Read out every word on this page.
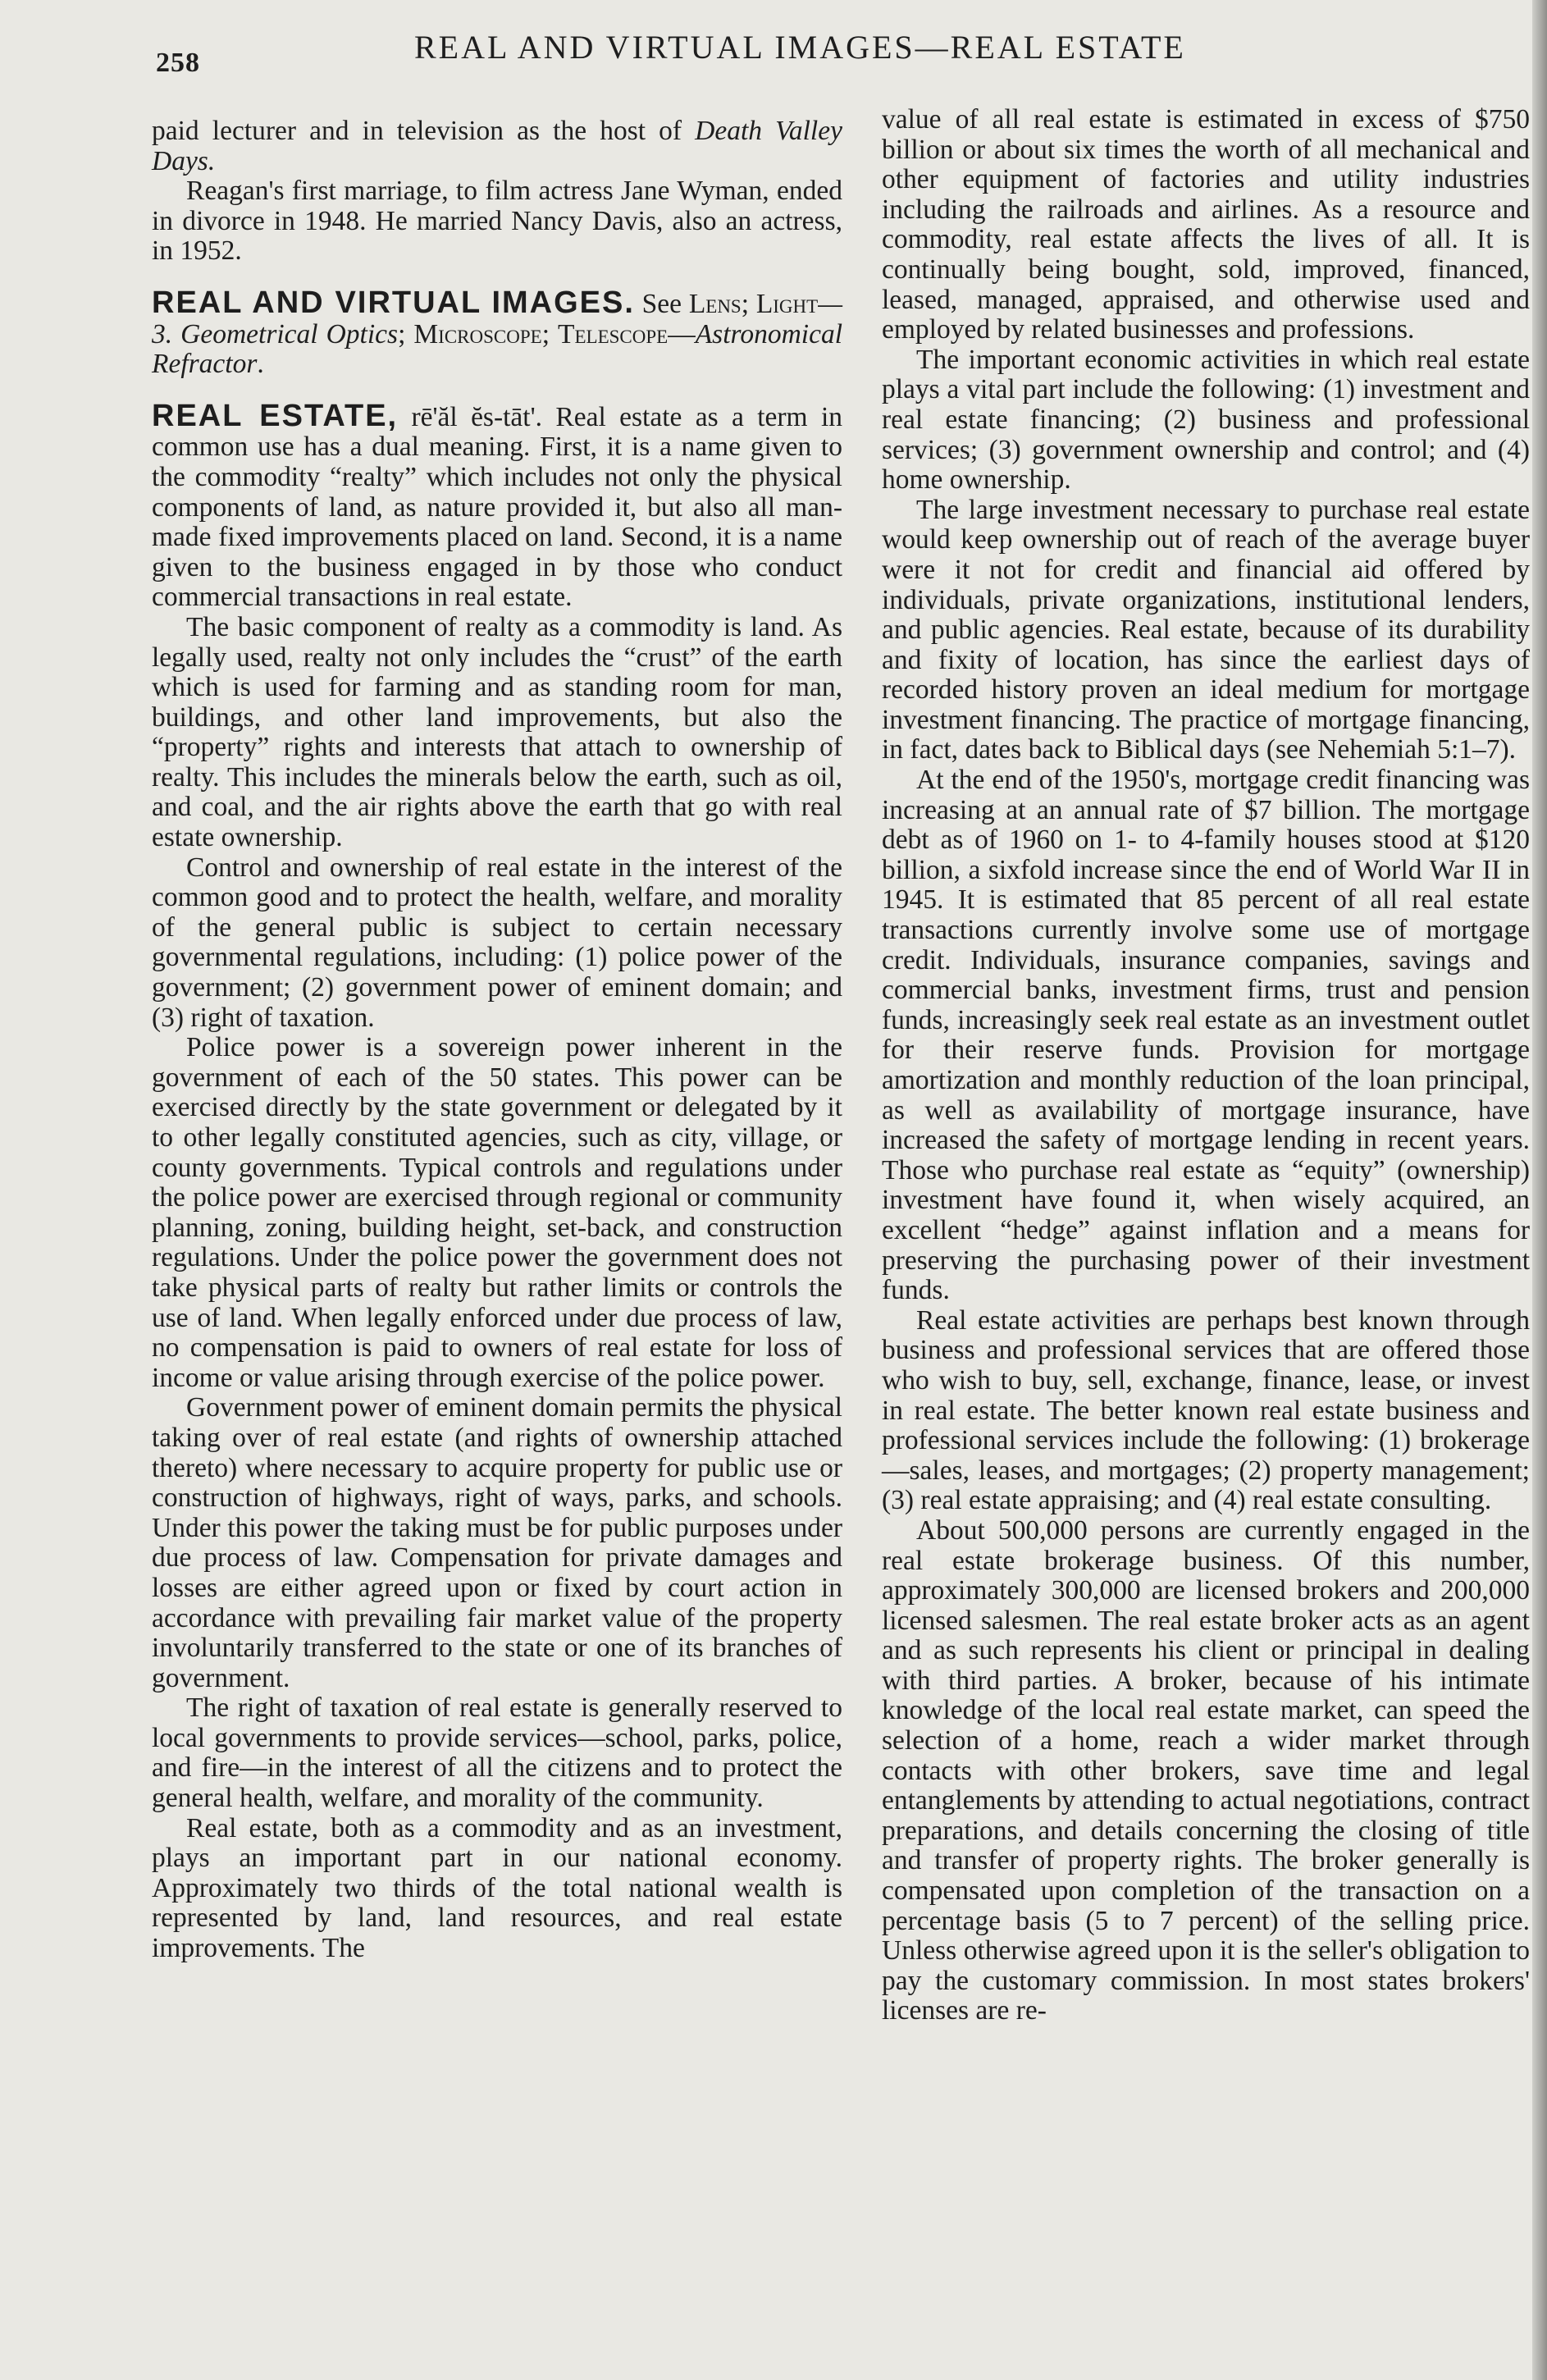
258	REAL AND VIRTUAL IMAGES—REAL ESTATE

paid lecturer and in television as the host of Death Valley Days.

Reagan's first marriage, to film actress Jane Wyman, ended in divorce in 1948. He married Nancy Davis, also an actress, in 1952.

REAL AND VIRTUAL IMAGES. See Lens; Light—3. Geometrical Optics; Microscope; Telescope—Astronomical Refractor.

REAL ESTATE, rē'ăl ĕs-tāt'. Real estate as a term in common use has a dual meaning. First, it is a name given to the commodity “realty” which includes not only the physical components of land, as nature provided it, but also all man-made fixed improvements placed on land. Second, it is a name given to the business engaged in by those who conduct commercial transactions in real estate.

The basic component of realty as a commodity is land. As legally used, realty not only includes the “crust” of the earth which is used for farming and as standing room for man, buildings, and other land improvements, but also the “property” rights and interests that attach to ownership of realty. This includes the minerals below the earth, such as oil, and coal, and the air rights above the earth that go with real estate ownership.

Control and ownership of real estate in the interest of the common good and to protect the health, welfare, and morality of the general public is subject to certain necessary governmental regulations, including: (1) police power of the government; (2) government power of eminent domain; and (3) right of taxation.

Police power is a sovereign power inherent in the government of each of the 50 states. This power can be exercised directly by the state government or delegated by it to other legally constituted agencies, such as city, village, or county governments. Typical controls and regulations under the police power are exercised through regional or community planning, zoning, building height, set-back, and construction regulations. Under the police power the government does not take physical parts of realty but rather limits or controls the use of land. When legally enforced under due process of law, no compensation is paid to owners of real estate for loss of income or value arising through exercise of the police power.

Government power of eminent domain permits the physical taking over of real estate (and rights of ownership attached thereto) where necessary to acquire property for public use or construction of highways, right of ways, parks, and schools. Under this power the taking must be for public purposes under due process of law. Compensation for private damages and losses are either agreed upon or fixed by court action in accordance with prevailing fair market value of the property involuntarily transferred to the state or one of its branches of government.

The right of taxation of real estate is generally reserved to local governments to provide services—school, parks, police, and fire—in the interest of all the citizens and to protect the general health, welfare, and morality of the community.

Real estate, both as a commodity and as an investment, plays an important part in our national economy. Approximately two thirds of the total national wealth is represented by land, land resources, and real estate improvements. The

value of all real estate is estimated in excess of $750 billion or about six times the worth of all mechanical and other equipment of factories and utility industries including the railroads and airlines. As a resource and commodity, real estate affects the lives of all. It is continually being bought, sold, improved, financed, leased, managed, appraised, and otherwise used and employed by related businesses and professions.

The important economic activities in which real estate plays a vital part include the following: (1) investment and real estate financing; (2) business and professional services; (3) government ownership and control; and (4) home ownership.

The large investment necessary to purchase real estate would keep ownership out of reach of the average buyer were it not for credit and financial aid offered by individuals, private organizations, institutional lenders, and public agencies. Real estate, because of its durability and fixity of location, has since the earliest days of recorded history proven an ideal medium for mortgage investment financing. The practice of mortgage financing, in fact, dates back to Biblical days (see Nehemiah 5:1–7).

At the end of the 1950's, mortgage credit financing was increasing at an annual rate of $7 billion. The mortgage debt as of 1960 on 1- to 4-family houses stood at $120 billion, a sixfold increase since the end of World War II in 1945. It is estimated that 85 percent of all real estate transactions currently involve some use of mortgage credit. Individuals, insurance companies, savings and commercial banks, investment firms, trust and pension funds, increasingly seek real estate as an investment outlet for their reserve funds. Provision for mortgage amortization and monthly reduction of the loan principal, as well as availability of mortgage insurance, have increased the safety of mortgage lending in recent years. Those who purchase real estate as “equity” (ownership) investment have found it, when wisely acquired, an excellent “hedge” against inflation and a means for preserving the purchasing power of their investment funds.

Real estate activities are perhaps best known through business and professional services that are offered those who wish to buy, sell, exchange, finance, lease, or invest in real estate. The better known real estate business and professional services include the following: (1) brokerage—sales, leases, and mortgages; (2) property management; (3) real estate appraising; and (4) real estate consulting.

About 500,000 persons are currently engaged in the real estate brokerage business. Of this number, approximately 300,000 are licensed brokers and 200,000 licensed salesmen. The real estate broker acts as an agent and as such represents his client or principal in dealing with third parties. A broker, because of his intimate knowledge of the local real estate market, can speed the selection of a home, reach a wider market through contacts with other brokers, save time and legal entanglements by attending to actual negotiations, contract preparations, and details concerning the closing of title and transfer of property rights. The broker generally is compensated upon completion of the transaction on a percentage basis (5 to 7 percent) of the selling price. Unless otherwise agreed upon it is the seller's obligation to pay the customary commission. In most states brokers' licenses are re-
